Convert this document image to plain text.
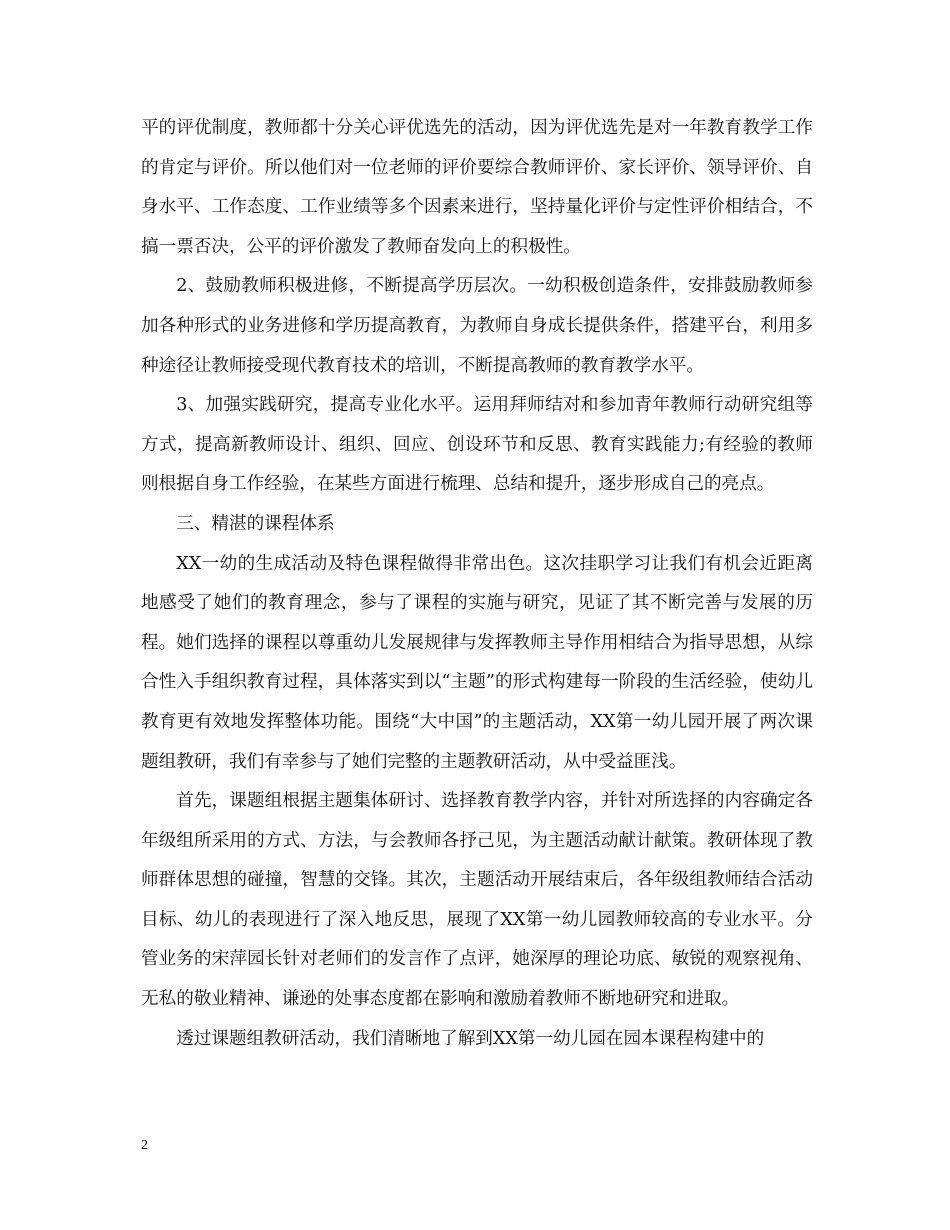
平的评优制度，教师都十分关心评优选先的活动，因为评优选先是对一年教育教学工作的肯定与评价。所以他们对一位老师的评价要综合教师评价、家长评价、领导评价、自身水平、工作态度、工作业绩等多个因素来进行，坚持量化评价与定性评价相结合，不搞一票否决，公平的评价激发了教师奋发向上的积极性。

2、鼓励教师积极进修，不断提高学历层次。一幼积极创造条件，安排鼓励教师参加各种形式的业务进修和学历提高教育，为教师自身成长提供条件，搭建平台，利用多种途径让教师接受现代教育技术的培训，不断提高教师的教育教学水平。

3、加强实践研究，提高专业化水平。运用拜师结对和参加青年教师行动研究组等方式，提高新教师设计、组织、回应、创设环节和反思、教育实践能力;有经验的教师则根据自身工作经验，在某些方面进行梳理、总结和提升，逐步形成自己的亮点。

三、精湛的课程体系

XX一幼的生成活动及特色课程做得非常出色。这次挂职学习让我们有机会近距离地感受了她们的教育理念，参与了课程的实施与研究，见证了其不断完善与发展的历程。她们选择的课程以尊重幼儿发展规律与发挥教师主导作用相结合为指导思想，从综合性入手组织教育过程，具体落实到以“主题”的形式构建每一阶段的生活经验，使幼儿教育更有效地发挥整体功能。围绕“大中国”的主题活动，XX第一幼儿园开展了两次课题组教研，我们有幸参与了她们完整的主题教研活动，从中受益匪浅。

首先，课题组根据主题集体研讨、选择教育教学内容，并针对所选择的内容确定各年级组所采用的方式、方法，与会教师各抒己见，为主题活动献计献策。教研体现了教师群体思想的碰撞，智慧的交锋。其次，主题活动开展结束后，各年级组教师结合活动目标、幼儿的表现进行了深入地反思，展现了XX第一幼儿园教师较高的专业水平。分管业务的宋萍园长针对老师们的发言作了点评，她深厚的理论功底、敏锐的观察视角、无私的敬业精神、谦逊的处事态度都在影响和激励着教师不断地研究和进取。

透过课题组教研活动，我们清晰地了解到XX第一幼儿园在园本课程构建中的

2
